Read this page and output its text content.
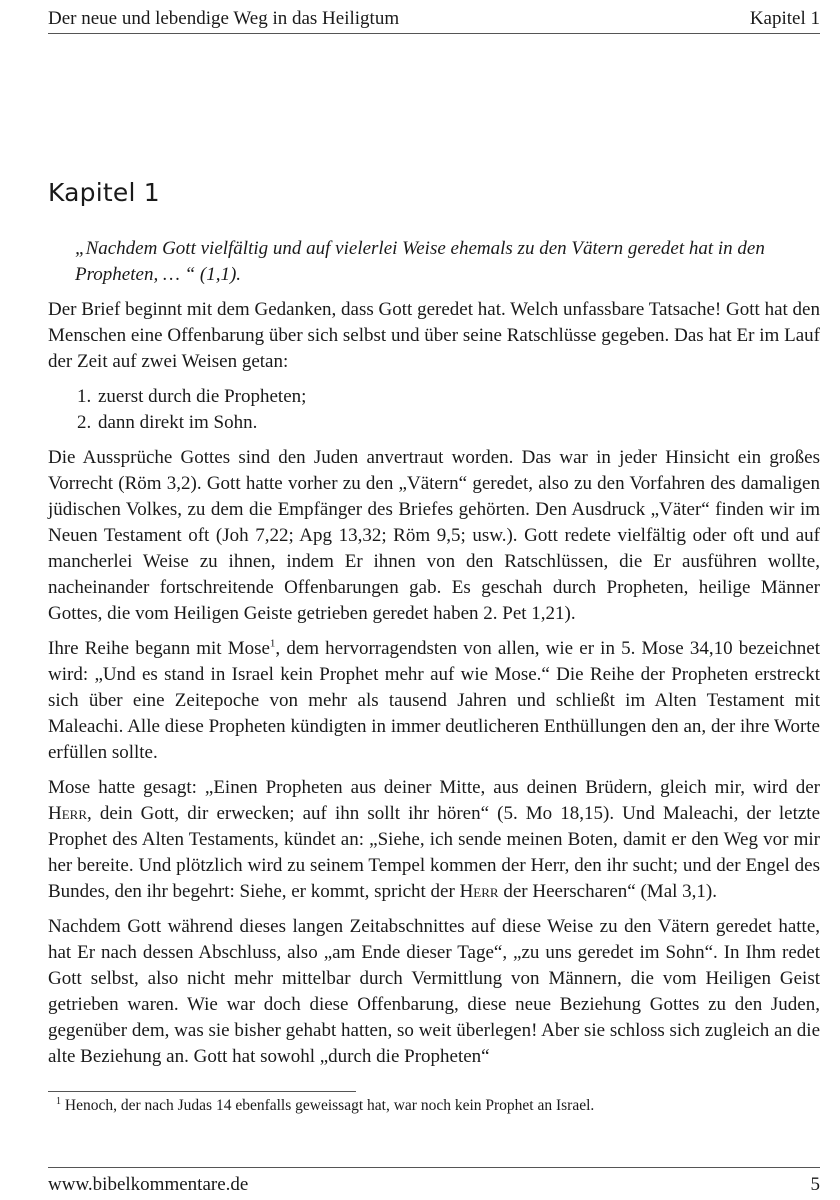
Der neue und lebendige Weg in das Heiligtum	Kapitel 1
Kapitel 1

„Nachdem Gott vielfältig und auf vielerlei Weise ehemals zu den Vätern geredet hat in den Propheten, … “ (1,1).

Der Brief beginnt mit dem Gedanken, dass Gott geredet hat. Welch unfassbare Tatsache! Gott hat den Menschen eine Offenbarung über sich selbst und über seine Ratschlüsse gegeben. Das hat Er im Lauf der Zeit auf zwei Weisen getan:

1. zuerst durch die Propheten;
2. dann direkt im Sohn.

Die Aussprüche Gottes sind den Juden anvertraut worden. Das war in jeder Hinsicht ein großes Vorrecht (Röm 3,2). Gott hatte vorher zu den „Vätern“ geredet, also zu den Vorfahren des damaligen jüdischen Volkes, zu dem die Empfänger des Briefes gehörten. Den Ausdruck „Väter“ finden wir im Neuen Testament oft (Joh 7,22; Apg 13,32; Röm 9,5; usw.). Gott redete vielfältig oder oft und auf mancherlei Weise zu ihnen, indem Er ihnen von den Ratschlüssen, die Er ausführen wollte, nacheinander fortschreitende Offenbarungen gab. Es geschah durch Propheten, heilige Männer Gottes, die vom Heiligen Geiste getrieben geredet haben 2. Pet 1,21).

Ihre Reihe begann mit Mose$^1$, dem hervorragendsten von allen, wie er in 5. Mose 34,10 bezeichnet wird: „Und es stand in Israel kein Prophet mehr auf wie Mose.“ Die Reihe der Propheten erstreckt sich über eine Zeitepoche von mehr als tausend Jahren und schließt im Alten Testament mit Maleachi. Alle diese Propheten kündigten in immer deutlicheren Enthüllungen den an, der ihre Worte erfüllen sollte.

Mose hatte gesagt: „Einen Propheten aus deiner Mitte, aus deinen Brüdern, gleich mir, wird der Herr, dein Gott, dir erwecken; auf ihn sollt ihr hören“ (5. Mo 18,15). Und Maleachi, der letzte Prophet des Alten Testaments, kündet an: „Siehe, ich sende meinen Boten, damit er den Weg vor mir her bereite. Und plötzlich wird zu seinem Tempel kommen der Herr, den ihr sucht; und der Engel des Bundes, den ihr begehrt: Siehe, er kommt, spricht der Herr der Heerscharen“ (Mal 3,1).

Nachdem Gott während dieses langen Zeitabschnittes auf diese Weise zu den Vätern geredet hatte, hat Er nach dessen Abschluss, also „am Ende dieser Tage“, „zu uns geredet im Sohn“. In Ihm redet Gott selbst, also nicht mehr mittelbar durch Vermittlung von Männern, die vom Heiligen Geist getrieben waren. Wie war doch diese Offenbarung, diese neue Beziehung Gottes zu den Juden, gegenüber dem, was sie bisher gehabt hatten, so weit überlegen! Aber sie schloss sich zugleich an die alte Beziehung an. Gott hat sowohl „durch die Propheten“

$^1$ Henoch, der nach Judas 14 ebenfalls geweissagt hat, war noch kein Prophet an Israel.
www.bibelkommentare.de	5
